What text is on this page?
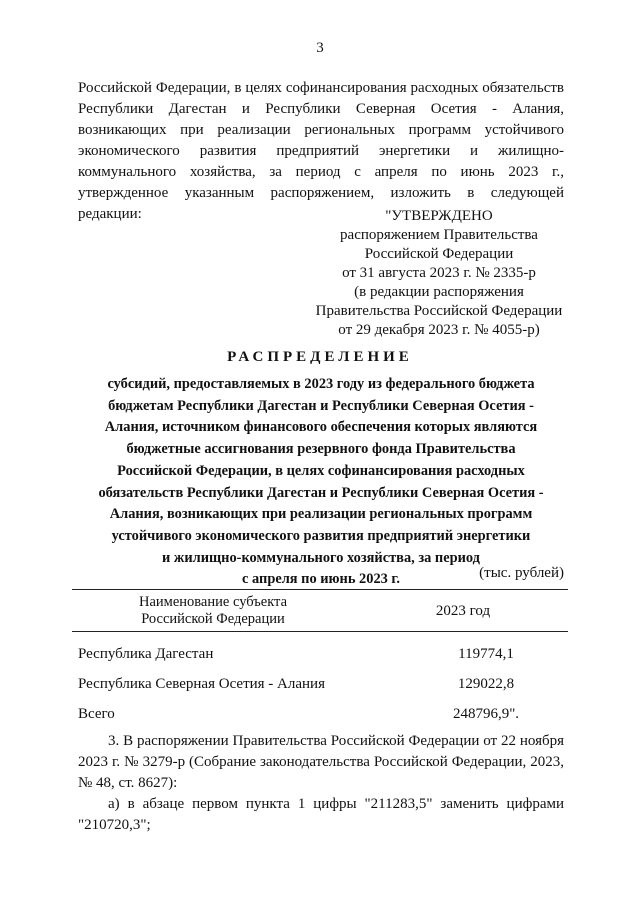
3
Российской Федерации, в целях софинансирования расходных обязательств Республики Дагестан и Республики Северная Осетия - Алания, возникающих при реализации региональных программ устойчивого экономического развития предприятий энергетики и жилищно-коммунального хозяйства, за период с апреля по июнь 2023 г., утвержденное указанным распоряжением, изложить в следующей редакции:	"УТВЕРЖДЕНО
распоряжением Правительства
Российской Федерации
от 31 августа 2023 г. № 2335-р
(в редакции распоряжения
Правительства Российской Федерации
от 29 декабря 2023 г. № 4055-р)
РАСПРЕДЕЛЕНИЕ
субсидий, предоставляемых в 2023 году из федерального бюджета
бюджетам Республики Дагестан и Республики Северная Осетия -
Алания, источником финансового обеспечения которых являются
бюджетные ассигнования резервного фонда Правительства
Российской Федерации, в целях софинансирования расходных
обязательств Республики Дагестан и Республики Северная Осетия -
Алания, возникающих при реализации региональных программ
устойчивого экономического развития предприятий энергетики
и жилищно-коммунального хозяйства, за период
с апреля по июнь 2023 г.	(тыс. рублей)
Наименование субъекта
Российской Федерации	2023 год
Республика Дагестан	119774,1
Республика Северная Осетия - Алания	129022,8
Всего	248796,9".
3. В распоряжении Правительства Российской Федерации от 22 ноября 2023 г. № 3279-р (Собрание законодательства Российской Федерации, 2023, № 48, ст. 8627):
а) в абзаце первом пункта 1 цифры "211283,5" заменить цифрами "210720,3";
